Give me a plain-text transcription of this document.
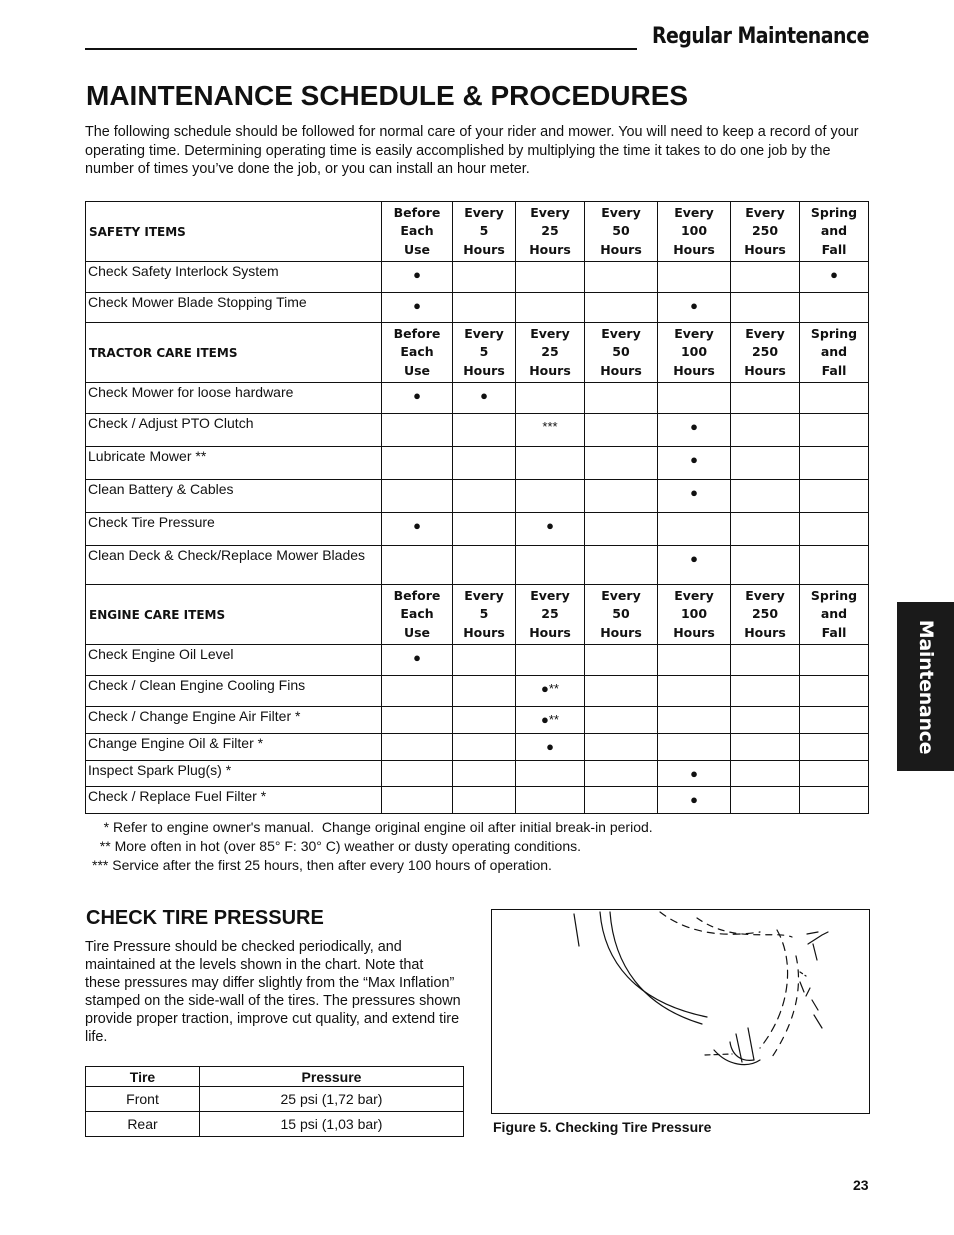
Regular Maintenance
MAINTENANCE SCHEDULE & PROCEDURES

The following schedule should be followed for normal care of your rider and mower. You will need to keep a record of your operating time. Determining operating time is easily accomplished by multiplying the time it takes to do one job by the number of times you’ve done the job, or you can install an hour meter.

SAFETY ITEMS	Before
Each
Use	Every
5
Hours	Every
25
Hours	Every
50
Hours	Every
100
Hours	Every
250
Hours	Spring
and
Fall
Check Safety Interlock System	●						●
Check Mower Blade Stopping Time	●				●		
TRACTOR CARE ITEMS	Before
Each
Use	Every
5
Hours	Every
25
Hours	Every
50
Hours	Every
100
Hours	Every
250
Hours	Spring
and
Fall
Check Mower for loose hardware	●	●					
Check / Adjust PTO Clutch			***		●		
Lubricate Mower **					●		
Clean Battery & Cables					●		
Check Tire Pressure	●		●				
Clean Deck & Check/Replace Mower Blades					●		
ENGINE CARE ITEMS	Before
Each
Use	Every
5
Hours	Every
25
Hours	Every
50
Hours	Every
100
Hours	Every
250
Hours	Spring
and
Fall
Check Engine Oil Level	●						
Check / Clean Engine Cooling Fins			●**				
Check / Change Engine Air Filter *			●**				
Change Engine Oil & Filter *			●				
Inspect Spark Plug(s) *					●		
Check / Replace Fuel Filter *					●		
* Refer to engine owner's manual.  Change original engine oil after initial break-in period.
** More often in hot (over 85° F: 30° C) weather or dusty operating conditions.
*** Service after the first 25 hours, then after every 100 hours of operation.
CHECK TIRE PRESSURE

Tire Pressure should be checked periodically, and maintained at the levels shown in the chart. Note that these pressures may differ slightly from the “Max Inflation” stamped on the side-wall of the tires. The pressures shown provide proper traction, improve cut quality, and extend tire life.

Tire	Pressure
Front	25 psi (1,72 bar)
Rear	15 psi (1,03 bar)	Figure 5. Checking Tire Pressure
23
Maintenance
